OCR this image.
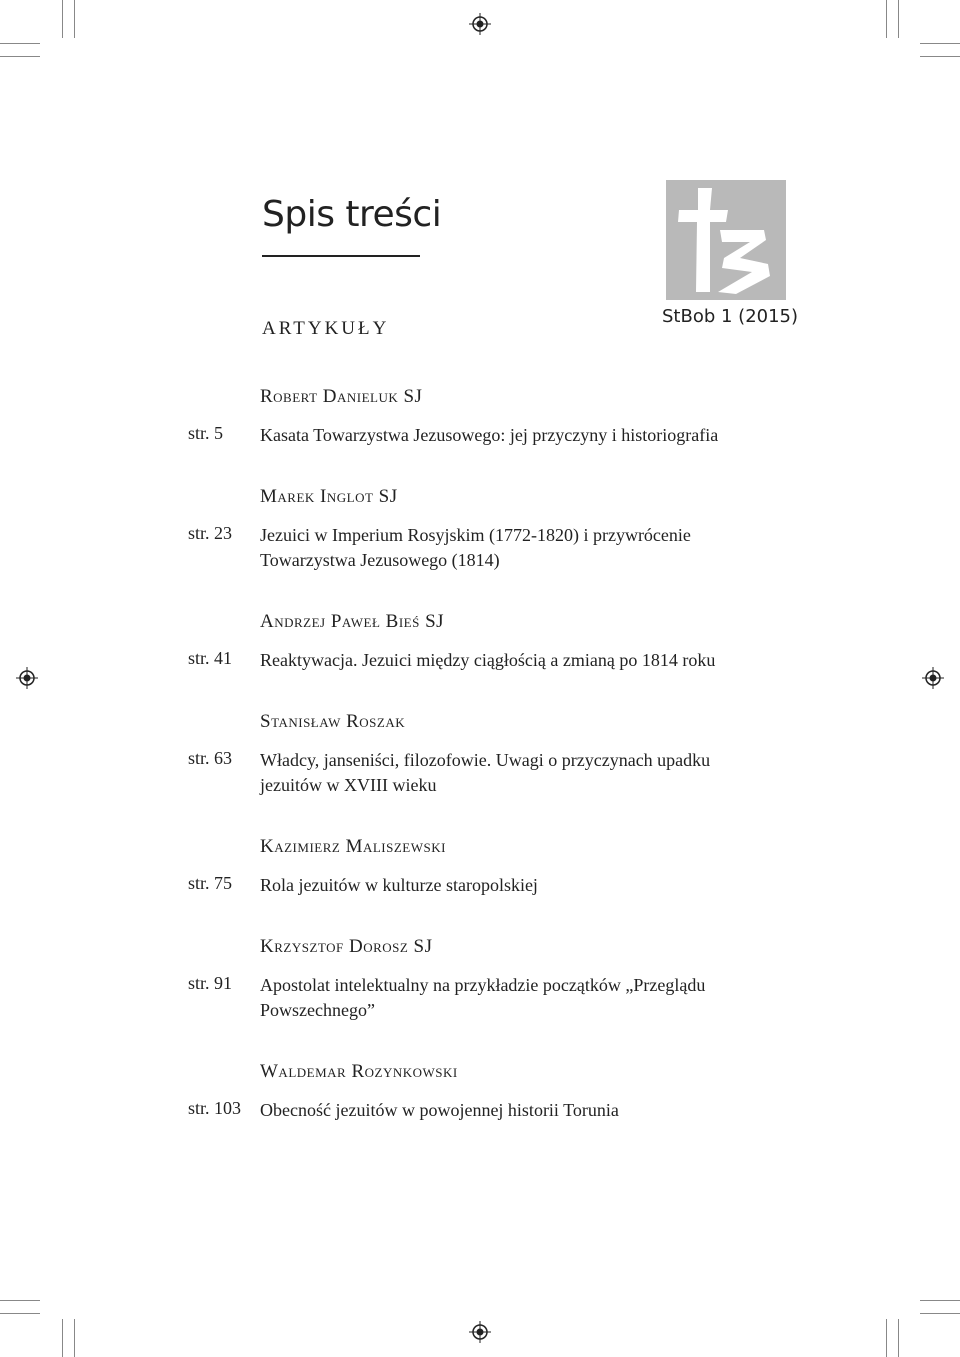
Spis treści
StBob 1 (2015)
ARTYKUŁY
Robert Danieluk SJ
str. 5 Kasata Towarzystwa Jezusowego: jej przyczyny i historiografia
Marek Inglot SJ
str. 23 Jezuici w Imperium Rosyjskim (1772-1820) i przywrócenie
Towarzystwa Jezusowego (1814)
Andrzej Paweł Bieś SJ
str. 41 Reaktywacja. Jezuici między ciągłością a zmianą po 1814 roku
Stanisław Roszak
str. 63 Władcy, janseniści, filozofowie. Uwagi o przyczynach upadku
jezuitów w XVIII wieku
Kazimierz Maliszewski
str. 75 Rola jezuitów w kulturze staropolskiej
Krzysztof Dorosz SJ
str. 91 Apostolat intelektualny na przykładzie początków „Przeglądu
Powszechnego”
Waldemar Rozynkowski
str. 103 Obecność jezuitów w powojennej historii Torunia
